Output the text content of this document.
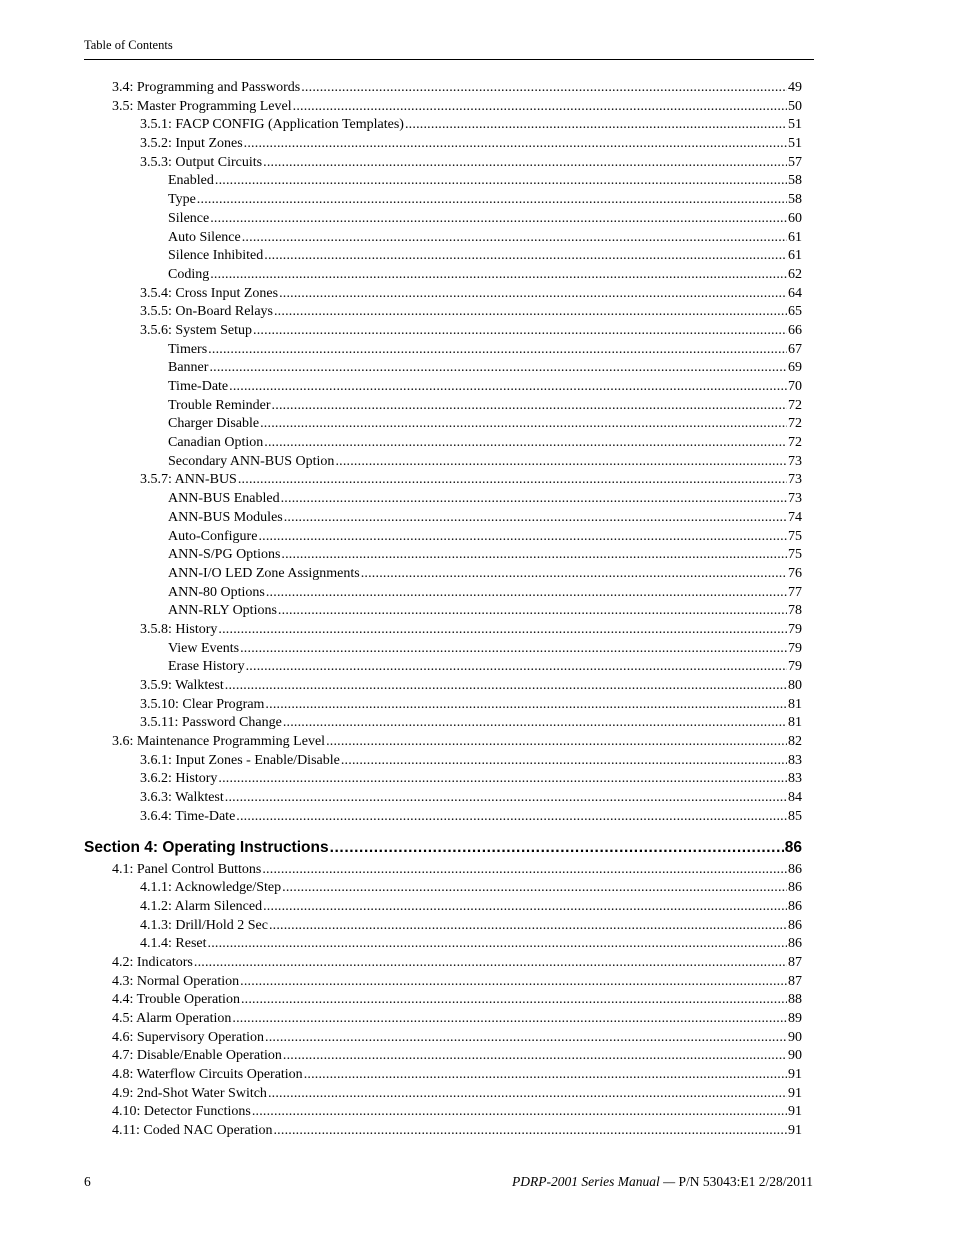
Table of Contents
3.4: Programming and Passwords .....	49
3.5: Master Programming Level .....	50
3.5.1: FACP CONFIG (Application Templates) .....	51
3.5.2: Input Zones .....	51
3.5.3: Output Circuits .....	57
Enabled .....	58
Type .....	58
Silence .....	60
Auto Silence .....	61
Silence Inhibited .....	61
Coding .....	62
3.5.4: Cross Input Zones .....	64
3.5.5: On-Board Relays .....	65
3.5.6: System Setup .....	66
Timers .....	67
Banner .....	69
Time-Date .....	70
Trouble Reminder .....	72
Charger Disable .....	72
Canadian Option .....	72
Secondary ANN-BUS Option .....	73
3.5.7: ANN-BUS .....	73
ANN-BUS Enabled .....	73
ANN-BUS Modules .....	74
Auto-Configure .....	75
ANN-S/PG Options .....	75
ANN-I/O LED Zone Assignments .....	76
ANN-80 Options .....	77
ANN-RLY Options .....	78
3.5.8: History .....	79
View Events .....	79
Erase History .....	79
3.5.9: Walktest .....	80
3.5.10: Clear Program .....	81
3.5.11: Password Change .....	81
3.6: Maintenance Programming Level .....	82
3.6.1: Input Zones - Enable/Disable .....	83
3.6.2: History .....	83
3.6.3: Walktest .....	84
3.6.4: Time-Date .....	85
Section 4: Operating Instructions .....	86
4.1: Panel Control Buttons .....	86
4.1.1: Acknowledge/Step .....	86
4.1.2: Alarm Silenced .....	86
4.1.3: Drill/Hold 2 Sec .....	86
4.1.4: Reset .....	86
4.2: Indicators .....	87
4.3: Normal Operation .....	87
4.4: Trouble Operation .....	88
4.5: Alarm Operation .....	89
4.6: Supervisory Operation .....	90
4.7: Disable/Enable Operation .....	90
4.8: Waterflow Circuits Operation .....	91
4.9: 2nd-Shot Water Switch .....	91
4.10: Detector Functions .....	91
4.11: Coded NAC Operation .....	91
6	PDRP-2001 Series Manual — P/N 53043:E1 2/28/2011
